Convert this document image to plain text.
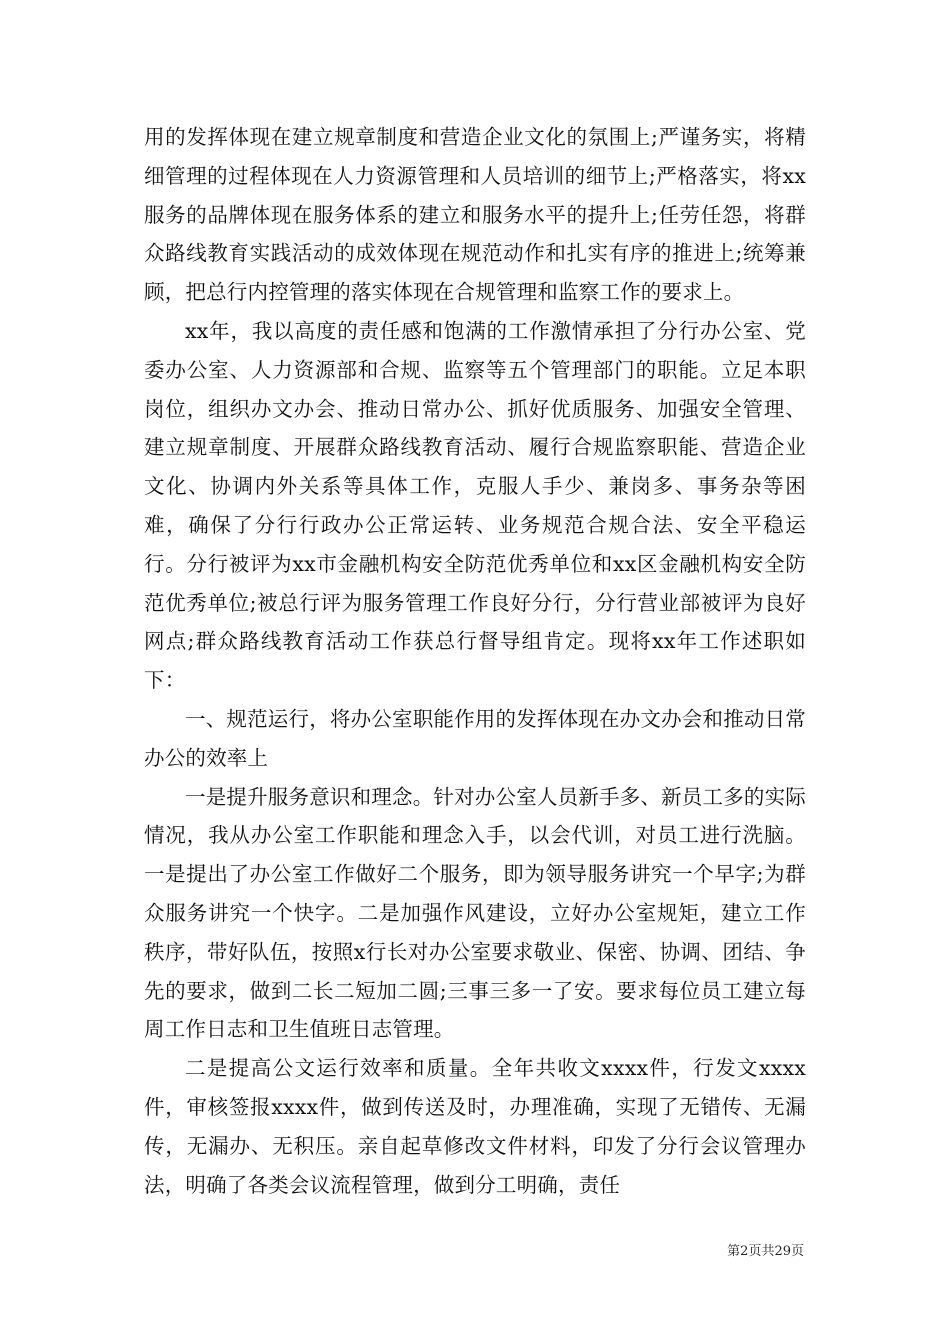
用的发挥体现在建立规章制度和营造企业文化的氛围上;严谨务实，将精细管理的过程体现在人力资源管理和人员培训的细节上;严格落实，将xx服务的品牌体现在服务体系的建立和服务水平的提升上;任劳任怨，将群众路线教育实践活动的成效体现在规范动作和扎实有序的推进上;统筹兼顾，把总行内控管理的落实体现在合规管理和监察工作的要求上。

xx年，我以高度的责任感和饱满的工作激情承担了分行办公室、党委办公室、人力资源部和合规、监察等五个管理部门的职能。立足本职岗位，组织办文办会、推动日常办公、抓好优质服务、加强安全管理、建立规章制度、开展群众路线教育活动、履行合规监察职能、营造企业文化、协调内外关系等具体工作，克服人手少、兼岗多、事务杂等困难，确保了分行行政办公正常运转、业务规范合规合法、安全平稳运行。分行被评为xx市金融机构安全防范优秀单位和xx区金融机构安全防范优秀单位;被总行评为服务管理工作良好分行，分行营业部被评为良好网点;群众路线教育活动工作获总行督导组肯定。现将xx年工作述职如下：

一、规范运行，将办公室职能作用的发挥体现在办文办会和推动日常办公的效率上

一是提升服务意识和理念。针对办公室人员新手多、新员工多的实际情况，我从办公室工作职能和理念入手，以会代训，对员工进行洗脑。一是提出了办公室工作做好二个服务，即为领导服务讲究一个早字;为群众服务讲究一个快字。二是加强作风建设，立好办公室规矩，建立工作秩序，带好队伍，按照x行长对办公室要求敬业、保密、协调、团结、争先的要求，做到二长二短加二圆;三事三多一了安。要求每位员工建立每周工作日志和卫生值班日志管理。

二是提高公文运行效率和质量。全年共收文xxxx件，行发文xxxx件，审核签报xxxx件，做到传送及时，办理准确，实现了无错传、无漏传，无漏办、无积压。亲自起草修改文件材料，印发了分行会议管理办法，明确了各类会议流程管理，做到分工明确，责任

第2页共29页
